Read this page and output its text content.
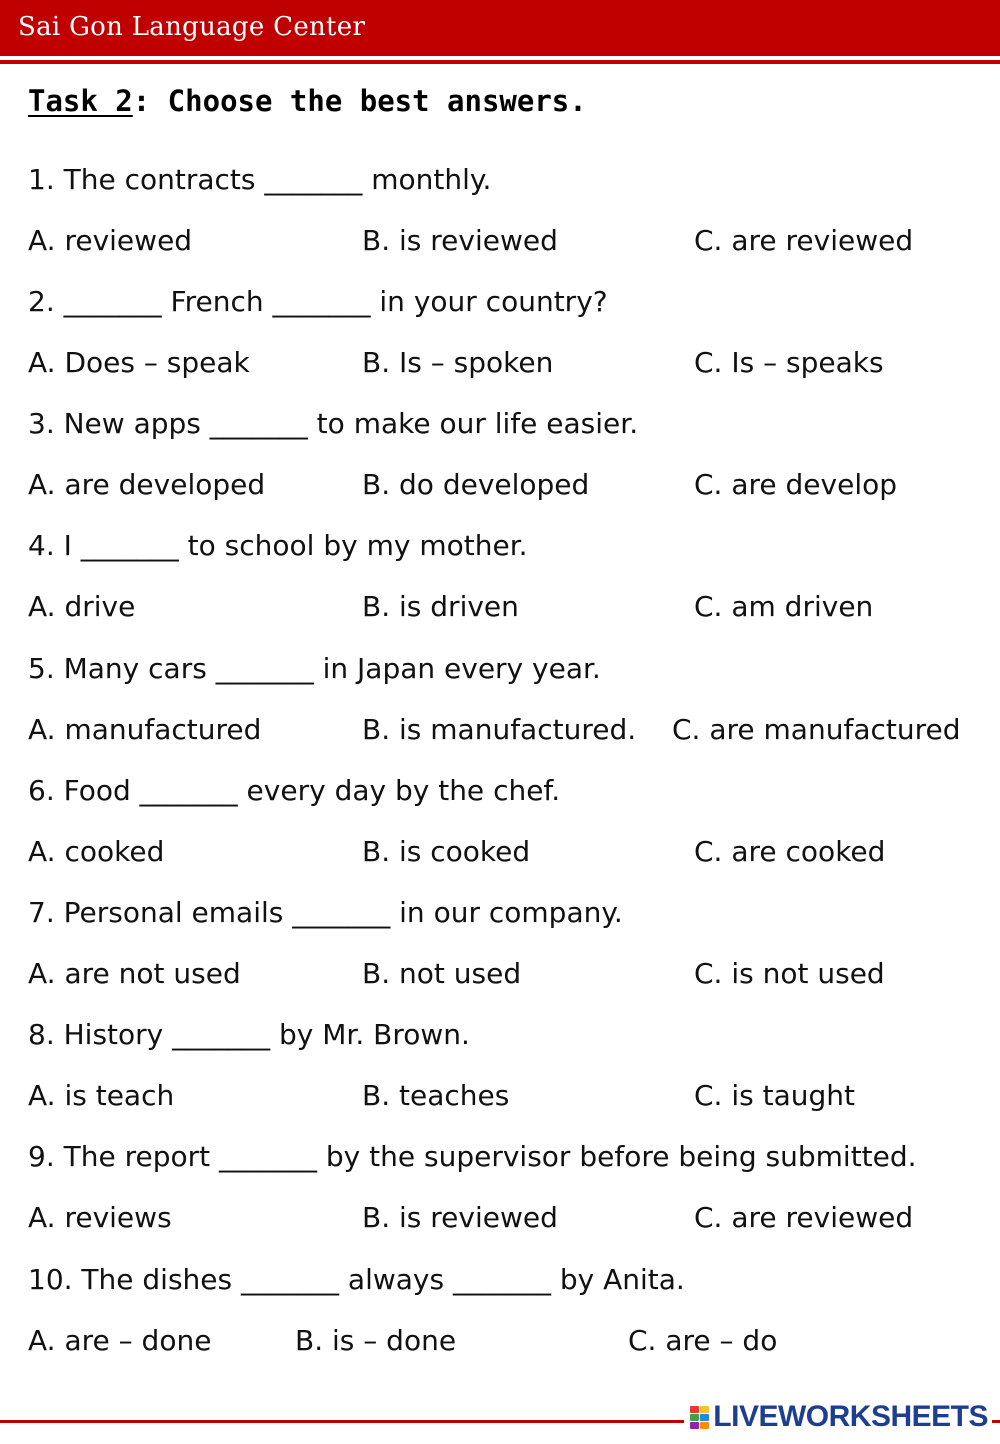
Sai Gon Language Center
Task 2: Choose the best answers.
1. The contracts _______ monthly.
A. reviewed	B. is reviewed	C. are reviewed
2. _______ French _______ in your country?
A. Does – speak	B. Is – spoken	C. Is – speaks
3. New apps _______ to make our life easier.
A. are developed	B. do developed	C. are develop
4. I _______ to school by my mother.
A. drive	B. is driven	C. am driven
5. Many cars _______ in Japan every year.
A. manufactured	B. is manufactured. C. are manufactured
6. Food _______ every day by the chef.
A. cooked	B. is cooked	C. are cooked
7. Personal emails _______ in our company.
A. are not used	B. not used	C. is not used
8. History _______ by Mr. Brown.
A. is teach	B. teaches	C. is taught
9. The report _______ by the supervisor before being submitted.
A. reviews	B. is reviewed	C. are reviewed
10. The dishes _______ always _______ by Anita.
A. are – done	B. is – done	C. are – do
LIVEWORKSHEETS
